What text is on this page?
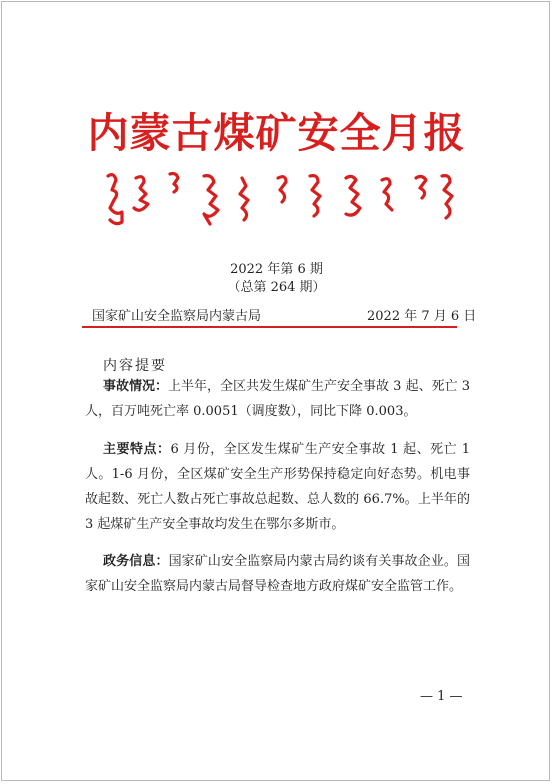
内蒙古煤矿安全月报
2022 年第 6 期
（总第 264 期）
国家矿山安全监察局内蒙古局	2022 年 7 月 6 日
内容提要

事故情况：上半年，全区共发生煤矿生产安全事故 3 起、死亡 3 人，百万吨死亡率 0.0051（调度数），同比下降 0.003。

主要特点：6 月份，全区发生煤矿生产安全事故 1 起、死亡 1 人。1-6 月份，全区煤矿安全生产形势保持稳定向好态势。机电事故起数、死亡人数占死亡事故总起数、总人数的 66.7%。上半年的 3 起煤矿生产安全事故均发生在鄂尔多斯市。

政务信息：国家矿山安全监察局内蒙古局约谈有关事故企业。国家矿山安全监察局内蒙古局督导检查地方政府煤矿安全监管工作。

— 1 —
